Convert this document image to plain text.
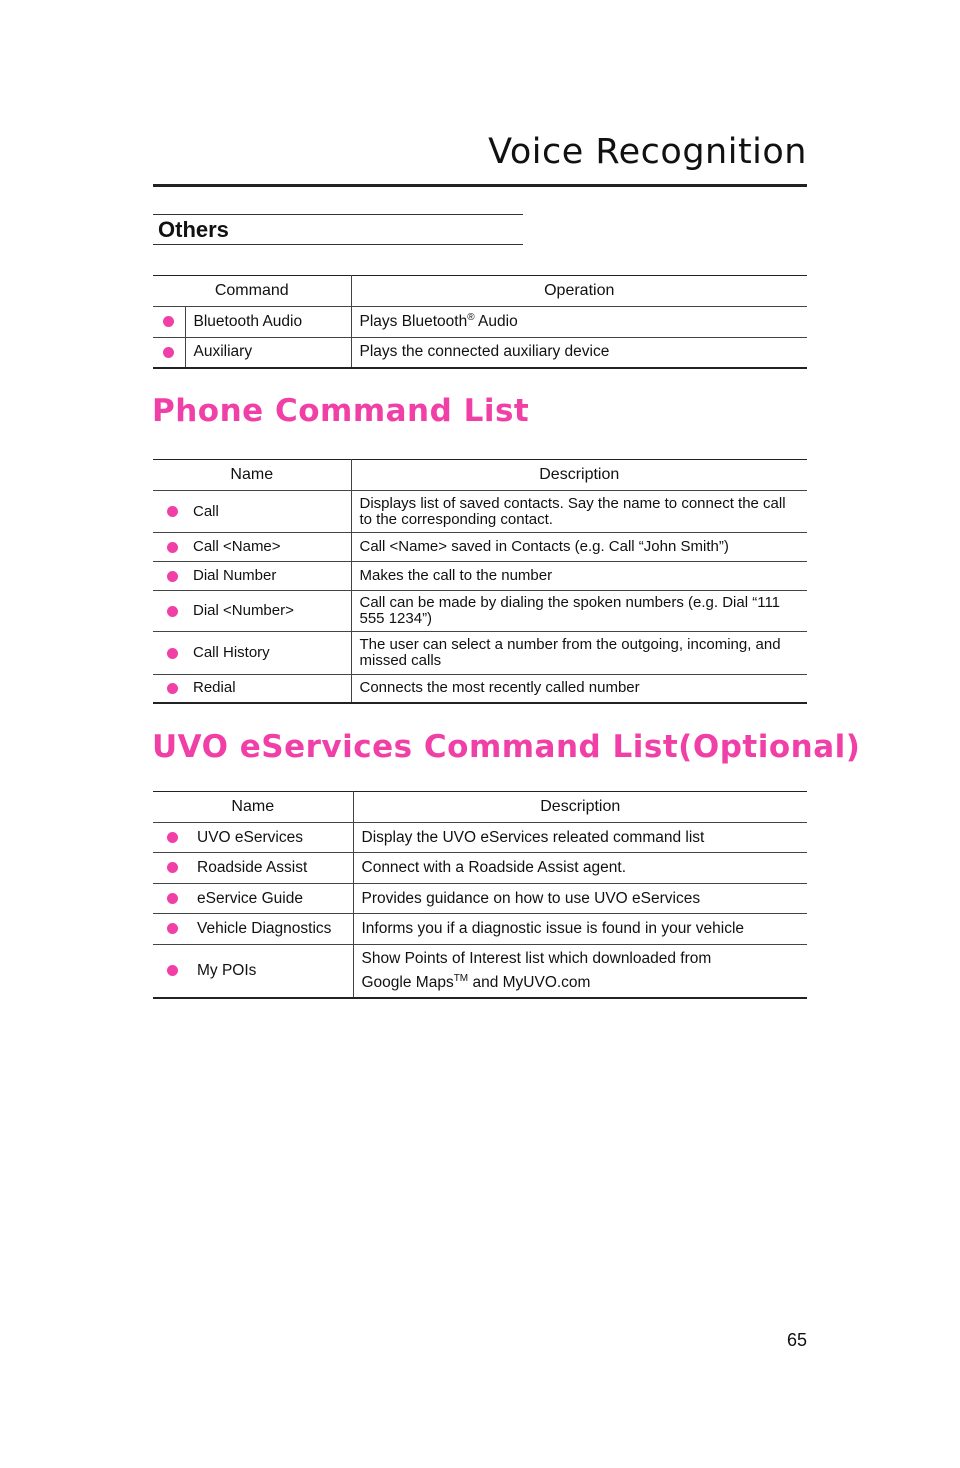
Voice Recognition
Others
Command		Operation
	Bluetooth Audio	Plays Bluetooth® Audio
	Auxiliary	Plays the connected auxiliary device
Phone Command List
Name		Description
	Call	Displays list of saved contacts. Say the name to connect the call to the corresponding contact.
	Call <Name>	Call <Name> saved in Contacts (e.g. Call “John Smith”)
	Dial Number	Makes the call to the number
	Dial <Number>	Call can be made by dialing the spoken numbers (e.g. Dial “111 555 1234”)
	Call History	The user can select a number from the outgoing, incoming, and missed calls
	Redial	Connects the most recently called number
UVO eServices Command List(Optional)
Name		Description
	UVO eServices	Display the UVO eServices releated command list
	Roadside Assist	Connect with a Roadside Assist agent.
	eService Guide	Provides guidance on how to use UVO eServices
	Vehicle Diagnostics	Informs you if a diagnostic issue is found in your vehicle
	My POIs	Show Points of Interest list which downloaded from
Google Maps™ and MyUVO.com
65
